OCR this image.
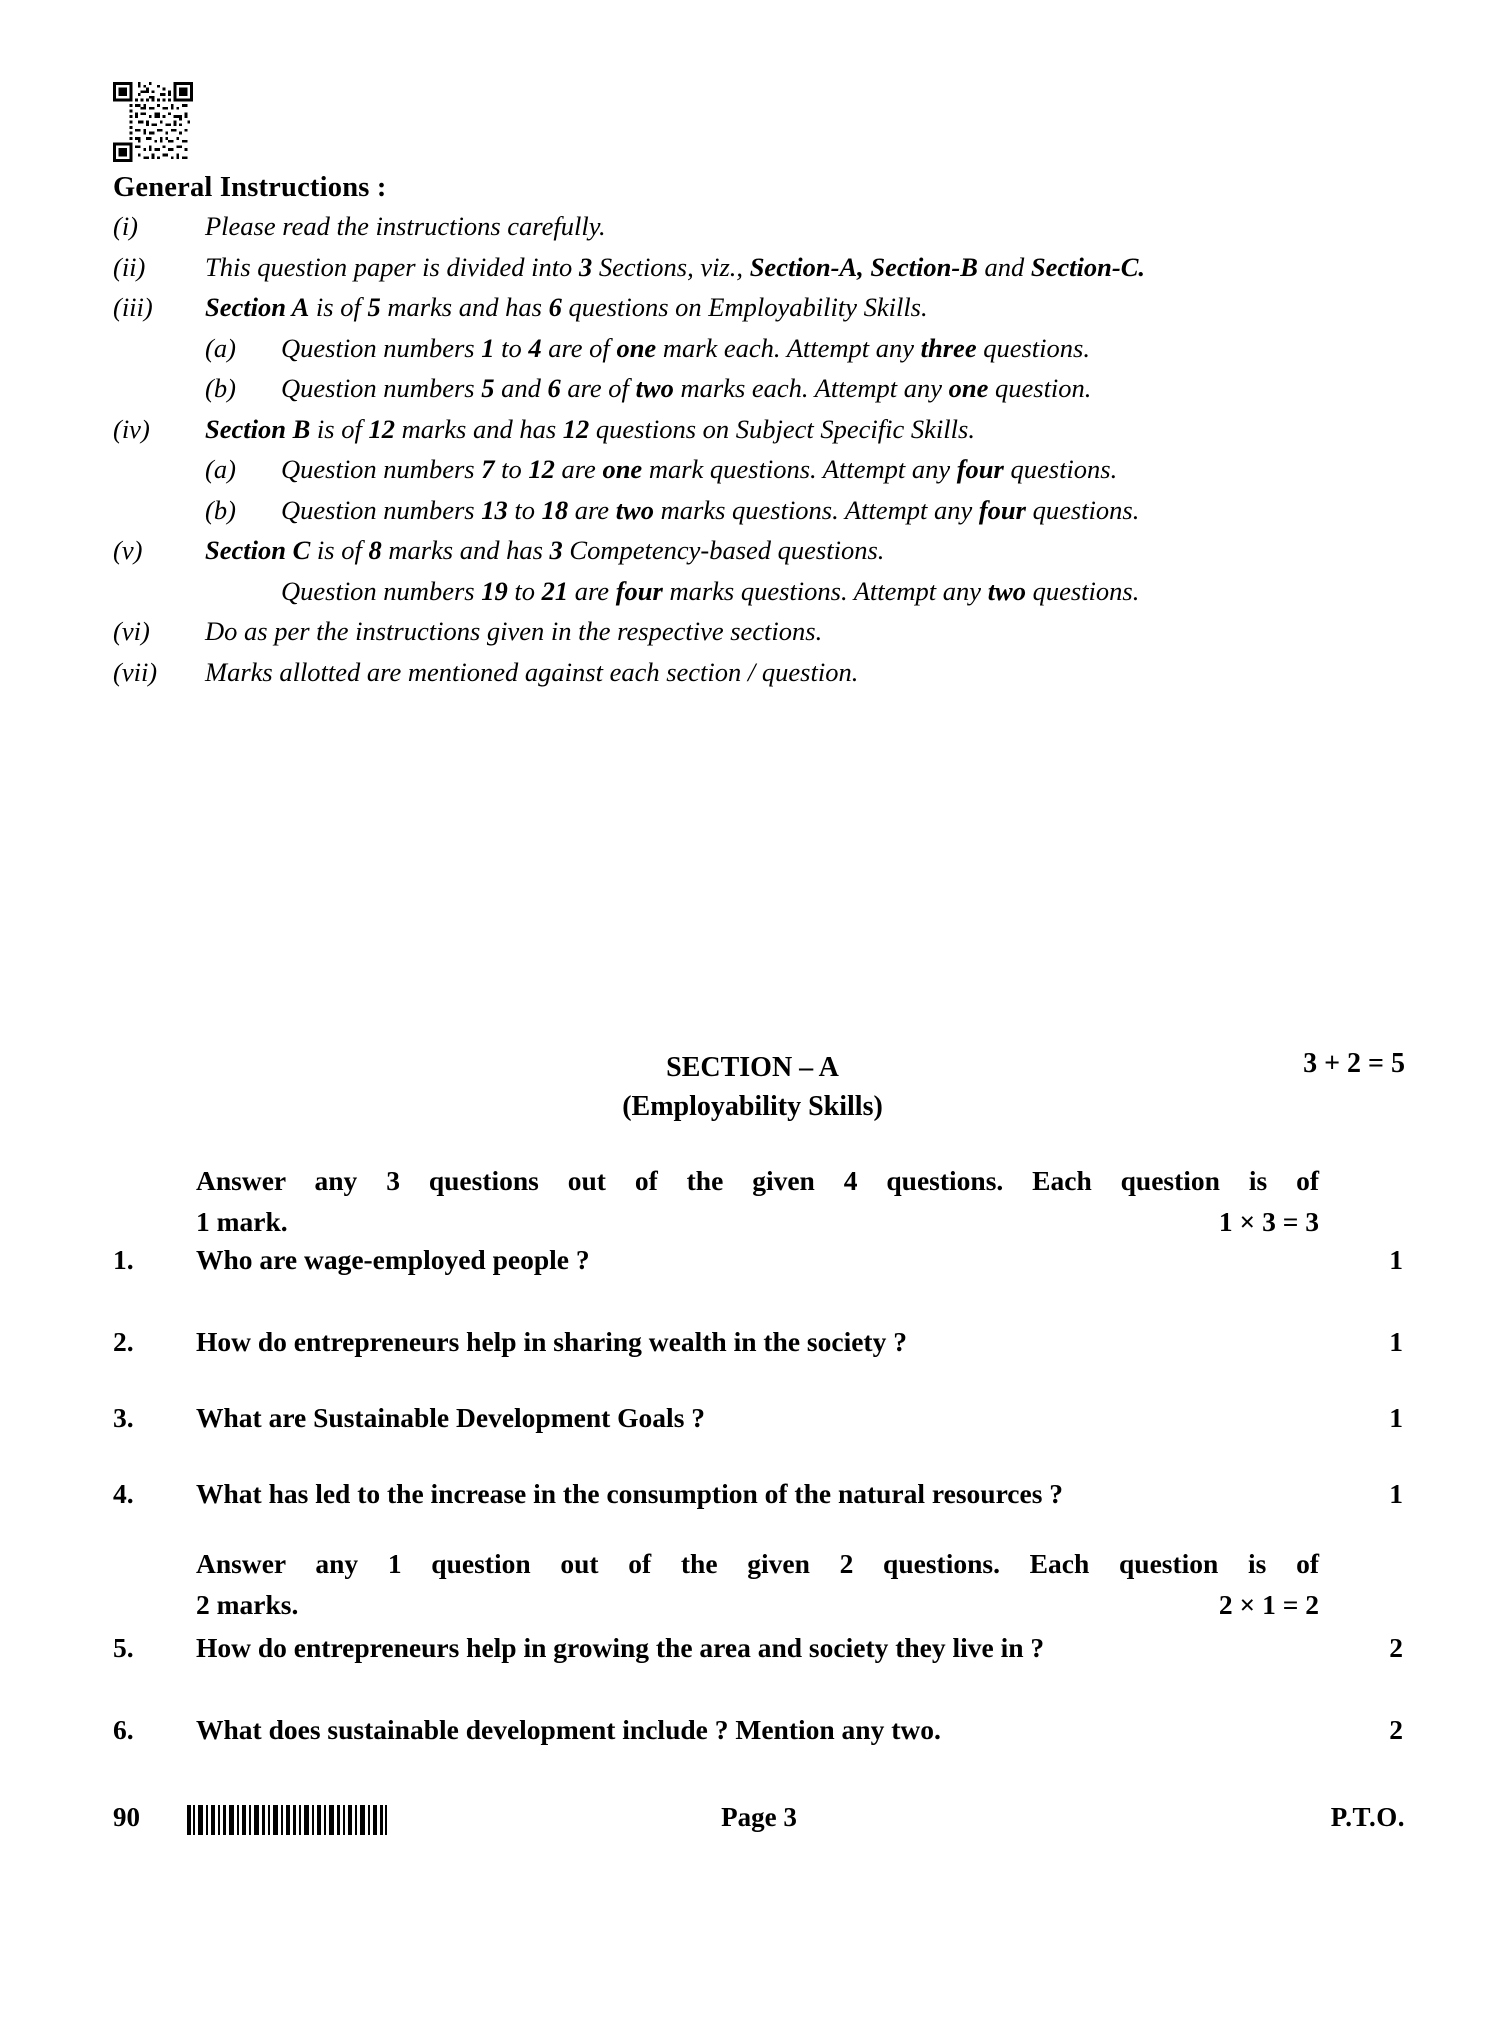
General Instructions :
(i)	Please read the instructions carefully.
(ii)	This question paper is divided into 3 Sections, viz., Section-A, Section-B and Section-C.
(iii)	Section A is of 5 marks and has 6 questions on Employability Skills.
(a)	Question numbers 1 to 4 are of one mark each. Attempt any three questions.
(b)	Question numbers 5 and 6 are of two marks each. Attempt any one question.
(iv)	Section B is of 12 marks and has 12 questions on Subject Specific Skills.
(a)	Question numbers 7 to 12 are one mark questions. Attempt any four questions.
(b)	Question numbers 13 to 18 are two marks questions. Attempt any four questions.
(v)	Section C is of 8 marks and has 3 Competency-based questions.
Question numbers 19 to 21 are four marks questions. Attempt any two questions.
(vi)	Do as per the instructions given in the respective sections.
(vii)	Marks allotted are mentioned against each section / question.
SECTION – A
(Employability Skills)
3 + 2 = 5
Answer any 3 questions out of the given 4 questions. Each question is of
1 mark.	1 × 3 = 3
Answer any 1 question out of the given 2 questions. Each question is of
2 marks.	2 × 1 = 2
1.	Who are wage-employed people ?	1
2.	How do entrepreneurs help in sharing wealth in the society ?	1
3.	What are Sustainable Development Goals ?	1
4.	What has led to the increase in the consumption of the natural resources ?	1
5.	How do entrepreneurs help in growing the area and society they live in ?	2
6.	What does sustainable development include ? Mention any two.	2
90	Page 3	P.T.O.
